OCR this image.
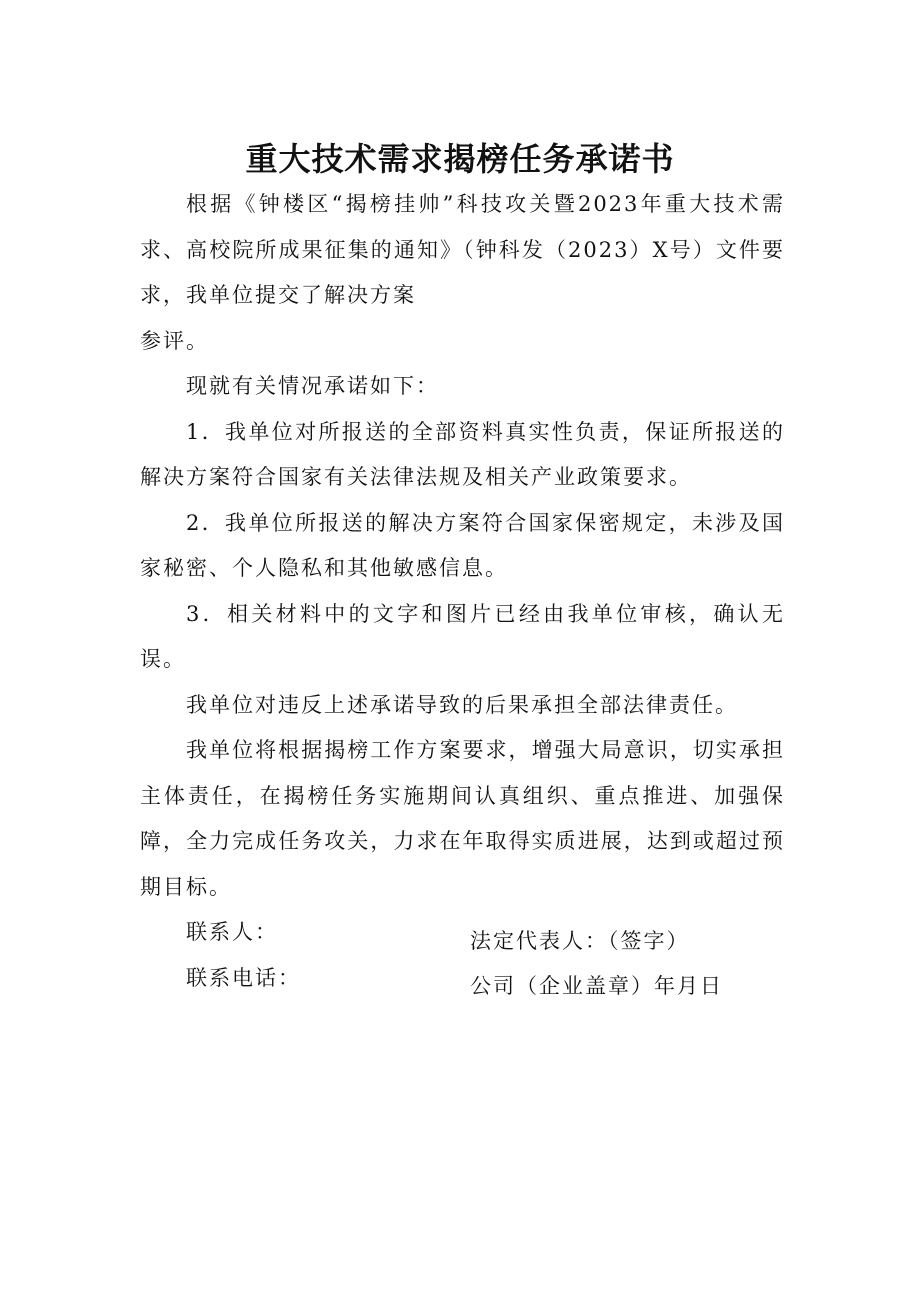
重大技术需求揭榜任务承诺书

根据《钟楼区“揭榜挂帅”科技攻关暨2023年重大技术需求、高校院所成果征集的通知》（钟科发（2023）X号）文件要求，我单位提交了解决方案

参评。

现就有关情况承诺如下：

1．我单位对所报送的全部资料真实性负责，保证所报送的解决方案符合国家有关法律法规及相关产业政策要求。

2．我单位所报送的解决方案符合国家保密规定，未涉及国家秘密、个人隐私和其他敏感信息。

3．相关材料中的文字和图片已经由我单位审核，确认无误。

我单位对违反上述承诺导致的后果承担全部法律责任。

我单位将根据揭榜工作方案要求，增强大局意识，切实承担主体责任，在揭榜任务实施期间认真组织、重点推进、加强保障，全力完成任务攻关，力求在年取得实质进展，达到或超过预期目标。

联系人：

联系电话：

法定代表人：（签字）
公司（企业盖章）年月日
